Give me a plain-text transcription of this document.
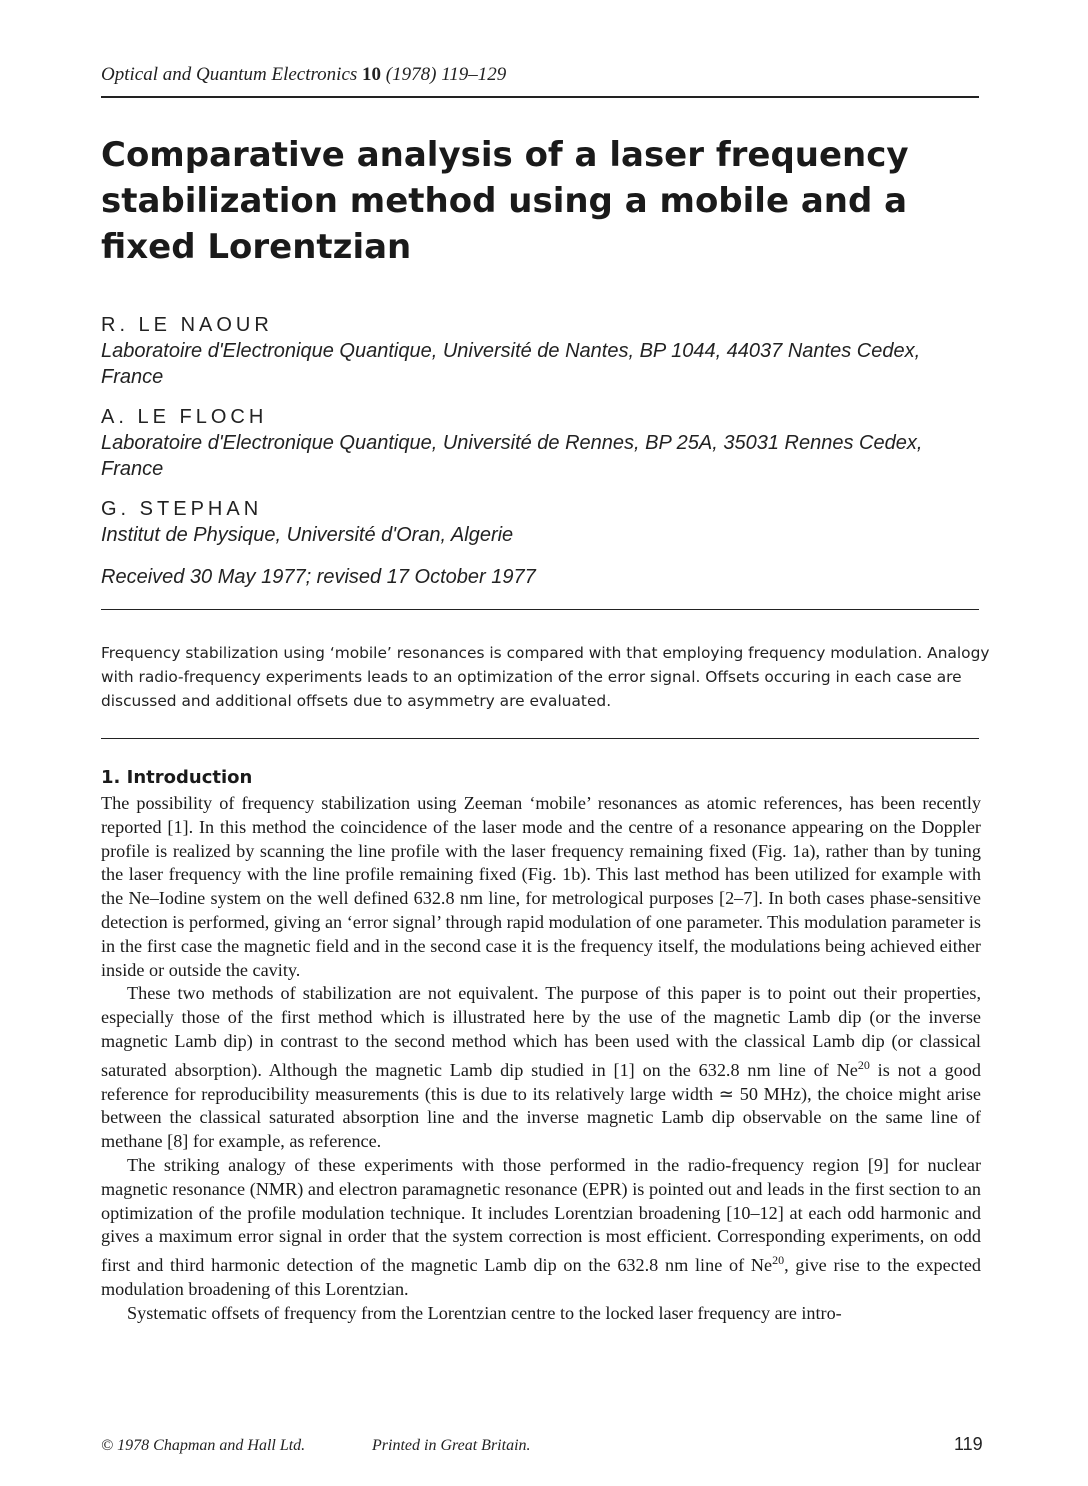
Optical and Quantum Electronics 10 (1978) 119–129
Comparative analysis of a laser frequency stabilization method using a mobile and a fixed Lorentzian
R. LE NAOUR
Laboratoire d'Electronique Quantique, Université de Nantes, BP 1044, 44037 Nantes Cedex, France
A. LE FLOCH
Laboratoire d'Electronique Quantique, Université de Rennes, BP 25A, 35031 Rennes Cedex, France
G. STEPHAN
Institut de Physique, Université d'Oran, Algerie
Received 30 May 1977; revised 17 October 1977

Frequency stabilization using ‘mobile’ resonances is compared with that employing frequency modulation. Analogy with radio-frequency experiments leads to an optimization of the error signal. Offsets occuring in each case are discussed and additional offsets due to asymmetry are evaluated.

1. Introduction

The possibility of frequency stabilization using Zeeman ‘mobile’ resonances as atomic references, has been recently reported [1]. In this method the coincidence of the laser mode and the centre of a resonance appearing on the Doppler profile is realized by scanning the line profile with the laser frequency remaining fixed (Fig. 1a), rather than by tuning the laser frequency with the line profile remaining fixed (Fig. 1b). This last method has been utilized for example with the Ne–Iodine system on the well defined 632.8 nm line, for metrological purposes [2–7]. In both cases phase-sensitive detection is performed, giving an ‘error signal’ through rapid modulation of one parameter. This modulation parameter is in the first case the magnetic field and in the second case it is the frequency itself, the modulations being achieved either inside or outside the cavity.

These two methods of stabilization are not equivalent. The purpose of this paper is to point out their properties, especially those of the first method which is illustrated here by the use of the magnetic Lamb dip (or the inverse magnetic Lamb dip) in contrast to the second method which has been used with the classical Lamb dip (or classical saturated absorption). Although the magnetic Lamb dip studied in [1] on the 632.8 nm line of Ne$^{20}$ is not a good reference for reproducibility measurements (this is due to its relatively large width ≃ 50 MHz), the choice might arise between the classical saturated absorption line and the inverse magnetic Lamb dip observable on the same line of methane [8] for example, as reference.

The striking analogy of these experiments with those performed in the radio-frequency region [9] for nuclear magnetic resonance (NMR) and electron paramagnetic resonance (EPR) is pointed out and leads in the first section to an optimization of the profile modulation technique. It includes Lorentzian broadening [10–12] at each odd harmonic and gives a maximum error signal in order that the system correction is most efficient. Corresponding experiments, on odd first and third harmonic detection of the magnetic Lamb dip on the 632.8 nm line of Ne$^{20}$, give rise to the expected modulation broadening of this Lorentzian.

Systematic offsets of frequency from the Lorentzian centre to the locked laser frequency are intro-

© 1978 Chapman and Hall Ltd.	Printed in Great Britain.	119
